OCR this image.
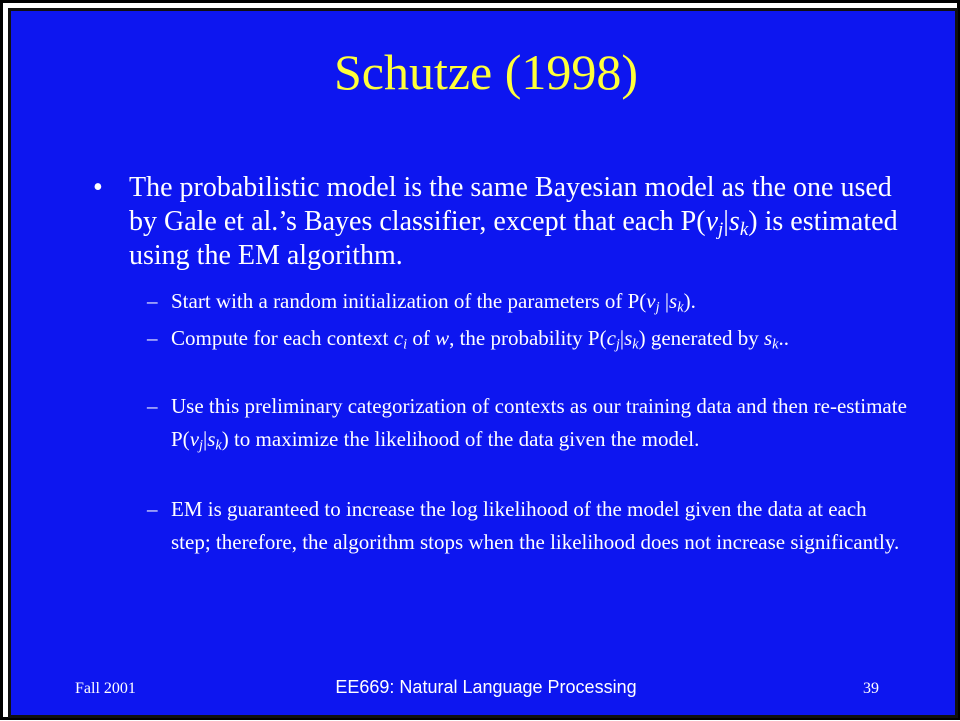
Schutze (1998)
• The probabilistic model is the same Bayesian model as the one used by Gale et al.’s Bayes classifier, except that each $P(v_j|s_k)$ is estimated using the EM algorithm.
– Start with a random initialization of the parameters of $P(v_j$ $|s_k$).
– Compute for each context $c_i$ of w, the probability $P(c_j|s_k)$ generated by $s_k$..
– Use this preliminary categorization of contexts as our training data and then re-estimate $P(v_j|s_k)$ to maximize the likelihood of the data given the model.
– EM is guaranteed to increase the log likelihood of the model given the data at each step; therefore, the algorithm stops when the likelihood does not increase significantly.
Fall 2001	EE669: Natural Language Processing	39
